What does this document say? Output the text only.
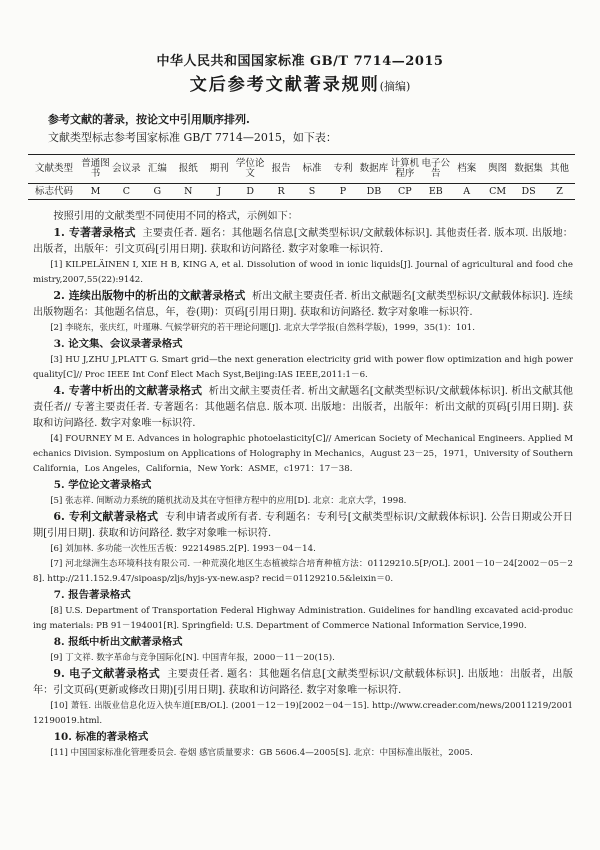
中华人民共和国国家标准 GB/T 7714—2015
文后参考文献著录规则(摘编)
参考文献的著录，按论文中引用顺序排列.
文献类型标志参考国家标准 GB/T 7714—2015，如下表：
文献类型	普通图书	会议录	汇编	报纸	期刊	学位论文	报告	标准	专利	数据库	计算机程序	电子公告	档案	舆图	数据集	其他
标志代码	M	C	G	N	J	D	R	S	P	DB	CP	EB	A	CM	DS	Z

按照引用的文献类型不同使用不同的格式，示例如下：

1. 专著著录格式 主要责任者. 题名：其他题名信息[文献类型标识/文献载体标识]. 其他责任者. 版本项. 出版地：出版者，出版年：引文页码[引用日期]. 获取和访问路径. 数字对象唯一标识符.

[1] KILPELÄINEN I, XIE H B, KING A, et al. Dissolution of wood in ionic liquids[J]. Journal of agricultural and food chemistry,2007,55(22):9142.

2. 连续出版物中的析出的文献著录格式 析出文献主要责任者. 析出文献题名[文献类型标识/文献载体标识]. 连续出版物题名：其他题名信息，年，卷(期)：页码[引用日期]. 获取和访问路径. 数字对象唯一标识符.

[2] 李晓东，张庆红，叶瑾琳. 气候学研究的若干理论问题[J]. 北京大学学报(自然科学版)，1999，35(1)：101.

3. 论文集、会议录著录格式

[3] HU J,ZHU J,PLATT G. Smart grid—the next generation electricity grid with power flow optimization and high power quality[C]// Proc IEEE Int Conf Elect Mach Syst,Beijing:IAS IEEE,2011:1－6.

4. 专著中析出的文献著录格式 析出文献主要责任者. 析出文献题名[文献类型标识/文献载体标识]. 析出文献其他责任者// 专著主要责任者. 专著题名：其他题名信息. 版本项. 出版地：出版者，出版年：析出文献的页码[引用日期]. 获取和访问路径. 数字对象唯一标识符.

[4] FOURNEY M E. Advances in holographic photoelasticity[C]// American Society of Mechanical Engineers. Applied Mechanics Division. Symposium on Applications of Holography in Mechanics，August 23－25，1971，University of Southern California，Los Angeles，California，New York：ASME，c1971：17－38.

5. 学位论文著录格式

[5] 张志祥. 间断动力系统的随机扰动及其在守恒律方程中的应用[D]. 北京：北京大学，1998.

6. 专利文献著录格式 专利申请者或所有者. 专利题名：专利号[文献类型标识/文献载体标识]. 公告日期或公开日期[引用日期]. 获取和访问路径. 数字对象唯一标识符.

[6] 刘加林. 多功能一次性压舌板：92214985.2[P]. 1993－04－14.

[7] 河北绿洲生态环境科技有限公司. 一种荒漠化地区生态植被综合培育种植方法：01129210.5[P/OL]. 2001－10－24[2002－05－28]. http://211.152.9.47/sipoasp/zljs/hyjs-yx-new.asp? recid＝01129210.5&leixin＝0.

7. 报告著录格式

[8] U.S. Department of Transportation Federal Highway Administration. Guidelines for handling excavated acid-producing materials: PB 91－194001[R]. Springfield: U.S. Department of Commerce National Information Service,1990.

8. 报纸中析出文献著录格式

[9] 丁文祥. 数字革命与竞争国际化[N]. 中国青年报，2000－11－20(15).

9. 电子文献著录格式 主要责任者. 题名：其他题名信息[文献类型标识/文献载体标识]. 出版地：出版者，出版年：引文页码(更新或修改日期)[引用日期]. 获取和访问路径. 数字对象唯一标识符.

[10] 萧钰. 出版业信息化迈入快车道[EB/OL]. (2001－12－19)[2002－04－15]. http://www.creader.com/news/20011219/200112190019.html.

10. 标准的著录格式

[11] 中国国家标准化管理委员会. 卷烟 感官质量要求：GB 5606.4—2005[S]. 北京：中国标准出版社，2005.
